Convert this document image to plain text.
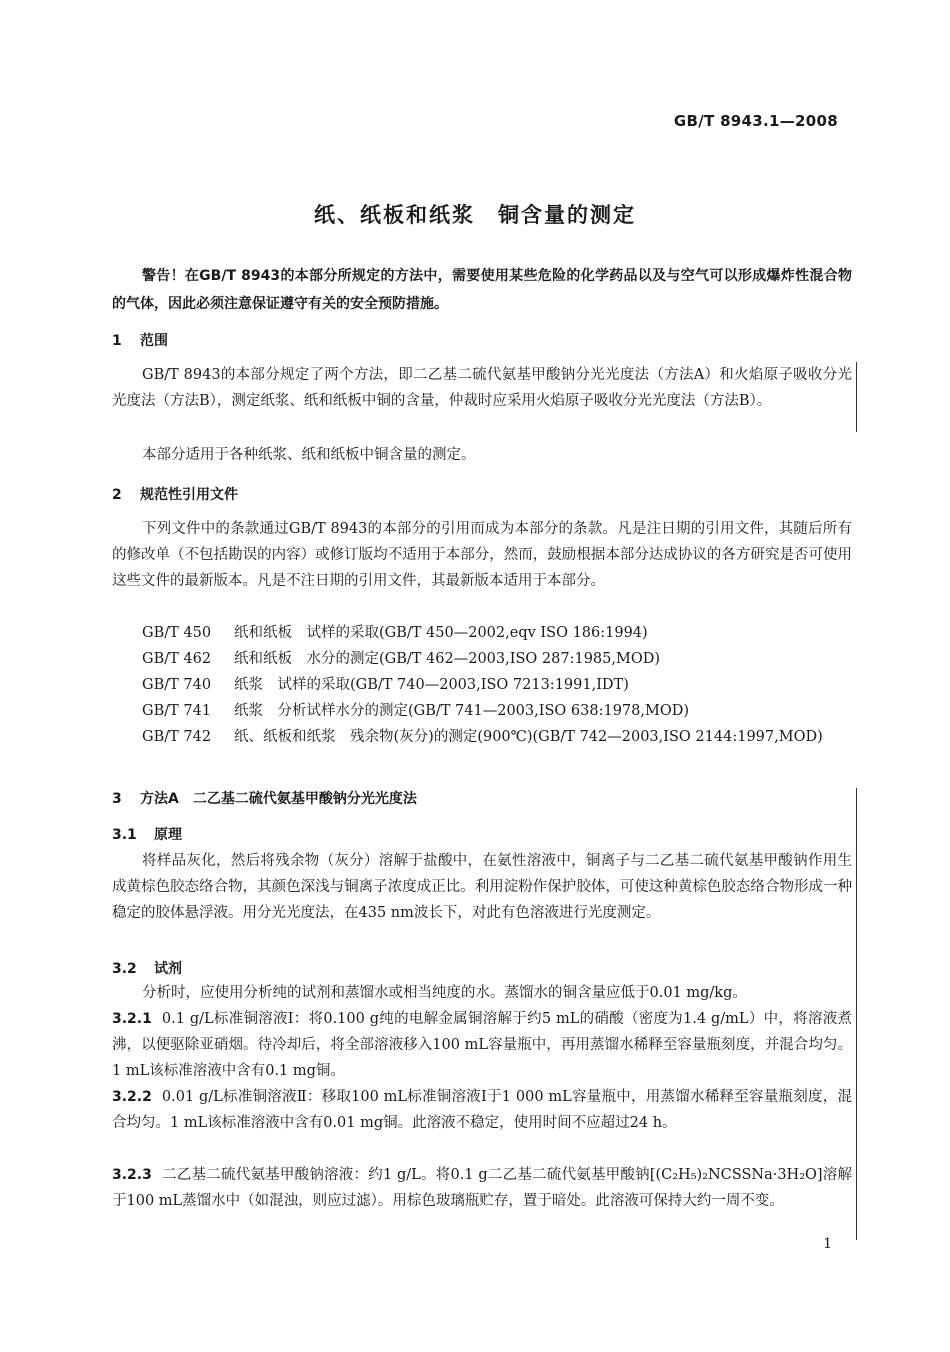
GB/T 8943.1—2008
纸、纸板和纸浆　铜含量的测定
警告！在GB/T 8943的本部分所规定的方法中，需要使用某些危险的化学药品以及与空气可以形成爆炸性混合物的气体，因此必须注意保证遵守有关的安全预防措施。
1 范围
GB/T 8943的本部分规定了两个方法，即二乙基二硫代氨基甲酸钠分光光度法（方法A）和火焰原子吸收分光光度法（方法B），测定纸浆、纸和纸板中铜的含量，仲裁时应采用火焰原子吸收分光光度法（方法B）。
本部分适用于各种纸浆、纸和纸板中铜含量的测定。
2 规范性引用文件
下列文件中的条款通过GB/T 8943的本部分的引用而成为本部分的条款。凡是注日期的引用文件，其随后所有的修改单（不包括勘误的内容）或修订版均不适用于本部分，然而，鼓励根据本部分达成协议的各方研究是否可使用这些文件的最新版本。凡是不注日期的引用文件，其最新版本适用于本部分。
GB/T 450 纸和纸板　试样的采取(GB/T 450—2002,eqv ISO 186:1994)
GB/T 462 纸和纸板　水分的测定(GB/T 462—2003,ISO 287:1985,MOD)
GB/T 740 纸浆　试样的采取(GB/T 740—2003,ISO 7213:1991,IDT)
GB/T 741 纸浆　分析试样水分的测定(GB/T 741—2003,ISO 638:1978,MOD)
GB/T 742 纸、纸板和纸浆　残余物(灰分)的测定(900℃)(GB/T 742—2003,ISO 2144:1997,MOD)
3 方法A　二乙基二硫代氨基甲酸钠分光光度法
3.1 原理
将样品灰化，然后将残余物（灰分）溶解于盐酸中，在氨性溶液中，铜离子与二乙基二硫代氨基甲酸钠作用生成黄棕色胶态络合物，其颜色深浅与铜离子浓度成正比。利用淀粉作保护胶体，可使这种黄棕色胶态络合物形成一种稳定的胶体悬浮液。用分光光度法，在435 nm波长下，对此有色溶液进行光度测定。
3.2 试剂
分析时，应使用分析纯的试剂和蒸馏水或相当纯度的水。蒸馏水的铜含量应低于0.01 mg/kg。
3.2.1 0.1 g/L标准铜溶液Ⅰ：将0.100 g纯的电解金属铜溶解于约5 mL的硝酸（密度为1.4 g/mL）中，将溶液煮沸，以便驱除亚硝烟。待冷却后，将全部溶液移入100 mL容量瓶中，再用蒸馏水稀释至容量瓶刻度，并混合均匀。1 mL该标准溶液中含有0.1 mg铜。
3.2.2 0.01 g/L标准铜溶液Ⅱ：移取100 mL标准铜溶液Ⅰ于1 000 mL容量瓶中，用蒸馏水稀释至容量瓶刻度，混合均匀。1 mL该标准溶液中含有0.01 mg铜。此溶液不稳定，使用时间不应超过24 h。
3.2.3 二乙基二硫代氨基甲酸钠溶液：约1 g/L。将0.1 g二乙基二硫代氨基甲酸钠[(C₂H₅)₂NCSSNa·3H₂O]溶解于100 mL蒸馏水中（如混浊，则应过滤）。用棕色玻璃瓶贮存，置于暗处。此溶液可保持大约一周不变。
1
